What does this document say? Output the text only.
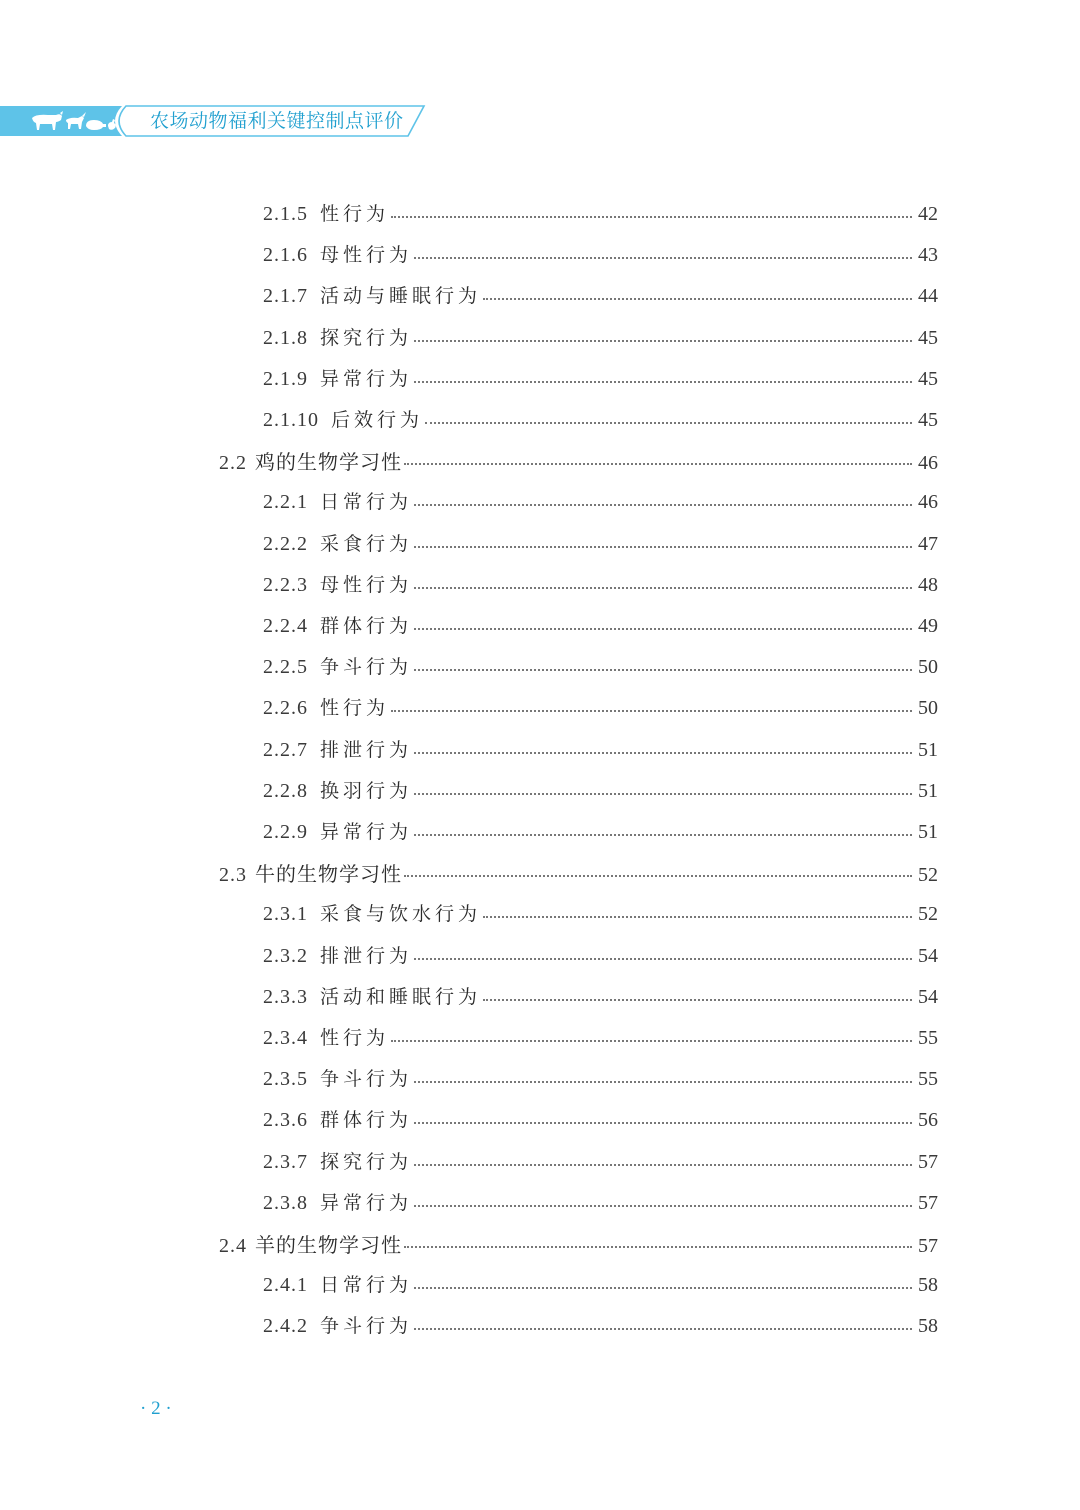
农场动物福利关键控制点评价
2.1.5 性行为	42
2.1.6 母性行为	43
2.1.7 活动与睡眠行为	44
2.1.8 探究行为	45
2.1.9 异常行为	45
2.1.10 后效行为	45
2.2 鸡的生物学习性	46
2.2.1 日常行为	46
2.2.2 采食行为	47
2.2.3 母性行为	48
2.2.4 群体行为	49
2.2.5 争斗行为	50
2.2.6 性行为	50
2.2.7 排泄行为	51
2.2.8 换羽行为	51
2.2.9 异常行为	51
2.3 牛的生物学习性	52
2.3.1 采食与饮水行为	52
2.3.2 排泄行为	54
2.3.3 活动和睡眠行为	54
2.3.4 性行为	55
2.3.5 争斗行为	55
2.3.6 群体行为	56
2.3.7 探究行为	57
2.3.8 异常行为	57
2.4 羊的生物学习性	57
2.4.1 日常行为	58
2.4.2 争斗行为	58
· 2 ·
